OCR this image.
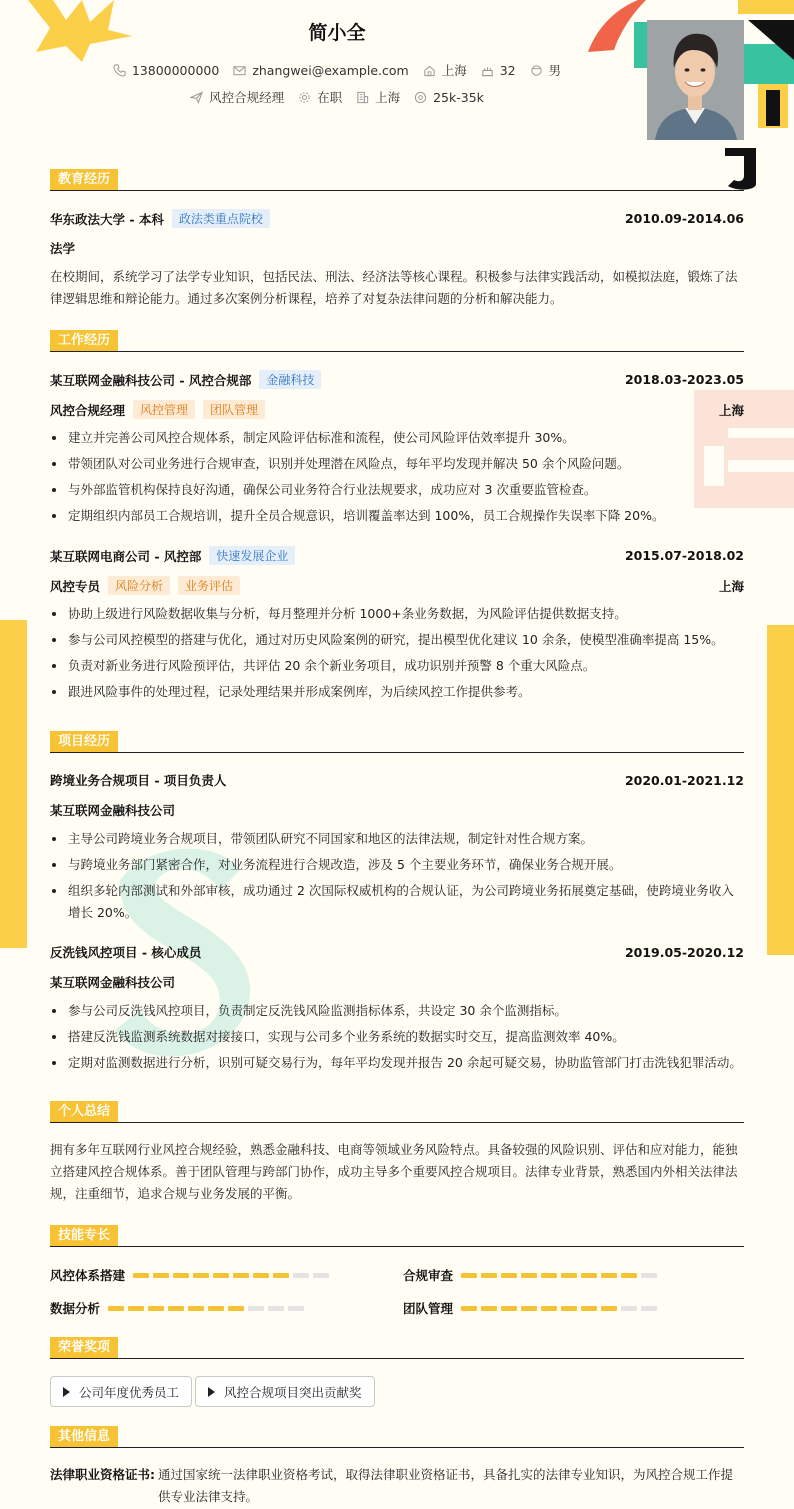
简小全
13800000000	zhangwei@example.com	上海	32	男
风控合规经理	在职	上海	25k-35k
教育经历
华东政法大学 - 本科	政法类重点院校	2010.09-2014.06
法学
在校期间，系统学习了法学专业知识，包括民法、刑法、经济法等核心课程。积极参与法律实践活动，如模拟法庭，锻炼了法律逻辑思维和辩论能力。通过多次案例分析课程，培养了对复杂法律问题的分析和解决能力。
工作经历
某互联网金融科技公司 - 风控合规部	金融科技	2018.03-2023.05
风控合规经理	风控管理	团队管理	上海
建立并完善公司风控合规体系，制定风险评估标准和流程，使公司风险评估效率提升 30%。
带领团队对公司业务进行合规审查，识别并处理潜在风险点，每年平均发现并解决 50 余个风险问题。
与外部监管机构保持良好沟通，确保公司业务符合行业法规要求，成功应对 3 次重要监管检查。
定期组织内部员工合规培训，提升全员合规意识，培训覆盖率达到 100%，员工合规操作失误率下降 20%。
某互联网电商公司 - 风控部	快速发展企业	2015.07-2018.02
风控专员	风险分析	业务评估	上海
协助上级进行风险数据收集与分析，每月整理并分析 1000+条业务数据，为风险评估提供数据支持。
参与公司风控模型的搭建与优化，通过对历史风险案例的研究，提出模型优化建议 10 余条，使模型准确率提高 15%。
负责对新业务进行风险预评估，共评估 20 余个新业务项目，成功识别并预警 8 个重大风险点。
跟进风险事件的处理过程，记录处理结果并形成案例库，为后续风控工作提供参考。
项目经历
跨境业务合规项目 - 项目负责人	2020.01-2021.12
某互联网金融科技公司
主导公司跨境业务合规项目，带领团队研究不同国家和地区的法律法规，制定针对性合规方案。
与跨境业务部门紧密合作，对业务流程进行合规改造，涉及 5 个主要业务环节，确保业务合规开展。
组织多轮内部测试和外部审核，成功通过 2 次国际权威机构的合规认证，为公司跨境业务拓展奠定基础，使跨境业务收入增长 20%。
反洗钱风控项目 - 核心成员	2019.05-2020.12
某互联网金融科技公司
参与公司反洗钱风控项目，负责制定反洗钱风险监测指标体系，共设定 30 余个监测指标。
搭建反洗钱监测系统数据对接接口，实现与公司多个业务系统的数据实时交互，提高监测效率 40%。
定期对监测数据进行分析，识别可疑交易行为，每年平均发现并报告 20 余起可疑交易，协助监管部门打击洗钱犯罪活动。
个人总结
拥有多年互联网行业风控合规经验，熟悉金融科技、电商等领域业务风险特点。具备较强的风险识别、评估和应对能力，能独立搭建风控合规体系。善于团队管理与跨部门协作，成功主导多个重要风控合规项目。法律专业背景，熟悉国内外相关法律法规，注重细节，追求合规与业务发展的平衡。
技能专长
风控体系搭建	合规审查
数据分析	团队管理
荣誉奖项
公司年度优秀员工	风控合规项目突出贡献奖
其他信息
法律职业资格证书: 通过国家统一法律职业资格考试，取得法律职业资格证书，具备扎实的法律专业知识，为风控合规工作提供专业法律支持。
